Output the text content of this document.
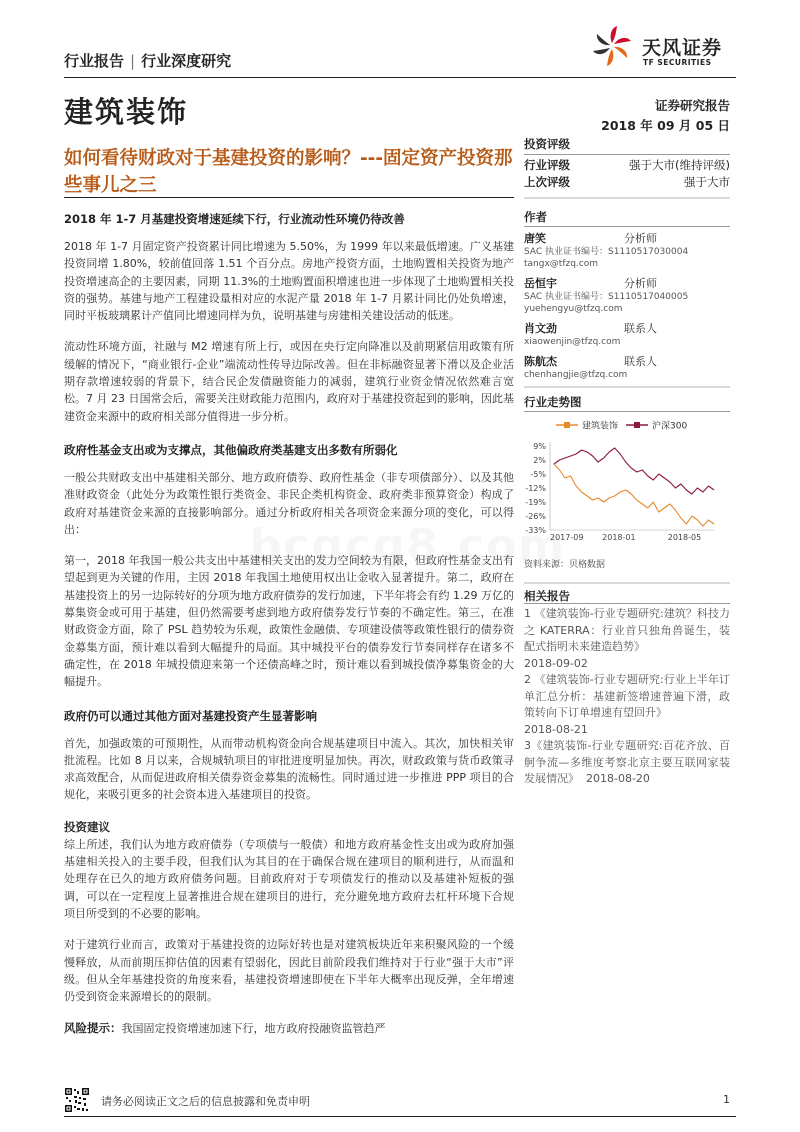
行业报告 | 行业深度研究
天风证券
TF SECURITIES
建筑装饰	证券研究报告
2018 年 09 月 05 日
如何看待财政对于基建投资的影响？---固定资产投资那些事儿之三
2018 年 1-7 月基建投资增速延续下行，行业流动性环境仍待改善
2018 年 1-7 月固定资产投资累计同比增速为 5.50%，为 1999 年以来最低增速。广义基建投资同增 1.80%，较前值回落 1.51 个百分点。房地产投资方面，土地购置相关投资为地产投资增速高企的主要因素，同期 11.3%的土地购置面积增速也进一步体现了土地购置相关投资的强势。基建与地产工程建设量相对应的水泥产量 2018 年 1-7 月累计同比仍处负增速，同时平板玻璃累计产值同比增速同样为负，说明基建与房建相关建设活动的低迷。
流动性环境方面，社融与 M2 增速有所上行，或因在央行定向降准以及前期紧信用政策有所缓解的情况下，“商业银行-企业”端流动性传导边际改善。但在非标融资显著下滑以及企业活期存款增速较弱的背景下，结合民企发债融资能力的减弱，建筑行业资金情况依然难言宽松。7 月 23 日国常会后，需要关注财政能力范围内，政府对于基建投资起到的影响，因此基建资金来源中的政府相关部分值得进一步分析。
政府性基金支出或为支撑点，其他偏政府类基建支出多数有所弱化
一般公共财政支出中基建相关部分、地方政府债券、政府性基金（非专项债部分）、以及其他准财政资金（此处分为政策性银行类资金、非民企类机构资金、政府类非预算资金）构成了政府对基建资金来源的直接影响部分。通过分析政府相关各项资金来源分项的变化，可以得出：
第一，2018 年我国一般公共支出中基建相关支出的发力空间较为有限，但政府性基金支出有望起到更为关键的作用，主因 2018 年我国土地使用权出让金收入显著提升。第二，政府在基建投资上的另一边际转好的分项为地方政府债券的发行加速，下半年将会有约 1.29 万亿的募集资金或可用于基建，但仍然需要考虑到地方政府债券发行节奏的不确定性。第三，在准财政资金方面，除了 PSL 趋势较为乐观，政策性金融债、专项建设债等政策性银行的债券资金募集方面，预计难以看到大幅提升的局面。其中城投平台的债券发行节奏同样存在诸多不确定性，在 2018 年城投债迎来第一个还债高峰之时，预计难以看到城投债净募集资金的大幅提升。
政府仍可以通过其他方面对基建投资产生显著影响
首先，加强政策的可预期性，从而带动机构资金向合规基建项目中流入。其次，加快相关审批流程。比如 8 月以来，合规城轨项目的审批进度明显加快。再次，财政政策与货币政策寻求高效配合，从而促进政府相关债券资金募集的流畅性。同时通过进一步推进 PPP 项目的合规化，来吸引更多的社会资本进入基建项目的投资。
投资建议
综上所述，我们认为地方政府债券（专项债与一般债）和地方政府基金性支出或为政府加强基建相关投入的主要手段，但我们认为其目的在于确保合规在建项目的顺利进行，从而温和处理存在已久的地方政府债务问题。目前政府对于专项债发行的推动以及基建补短板的强调，可以在一定程度上显著推进合规在建项目的进行，充分避免地方政府去杠杆环境下合规项目所受到的不必要的影响。
对于建筑行业而言，政策对于基建投资的边际好转也是对建筑板块近年来积聚风险的一个缓慢释放，从而前期压抑估值的因素有望弱化，因此目前阶段我们维持对于行业“强于大市”评级。但从全年基建投资的角度来看，基建投资增速即使在下半年大概率出现反弹，全年增速仍受到资金来源增长的的限制。
风险提示：我国固定投资增速加速下行，地方政府投融资监管趋严
投资评级
行业评级	强于大市(维持评级)
上次评级	强于大市
作者
唐笑	分析师
SAC 执业证书编号：S1110517030004
tangx@tfzq.com
岳恒宇	分析师
SAC 执业证书编号：S1110517040005
yuehengyu@tfzq.com
肖文劲	联系人
xiaowenjin@tfzq.com
陈航杰	联系人
chenhangjie@tfzq.com
行业走势图
建筑装饰	沪深300
9%
2%
-5%
-12%
-19%
-26%
-33%
2017-09 2018-01	2018-05
资料来源：贝格数据
相关报告
1 《建筑装饰-行业专题研究:建筑？科技力之 KATERRA：行业首只独角兽诞生，装配式指明未来建造趋势》
2018-09-02
2 《建筑装饰-行业专题研究:行业上半年订单汇总分析：基建新签增速普遍下滑，政策转向下订单增速有望回升》
2018-08-21
3《建筑装饰-行业专题研究:百花齐放、百舸争流—多维度考察北京主要互联网家装发展情况》 2018-08-20
请务必阅读正文之后的信息披露和免责申明	1
